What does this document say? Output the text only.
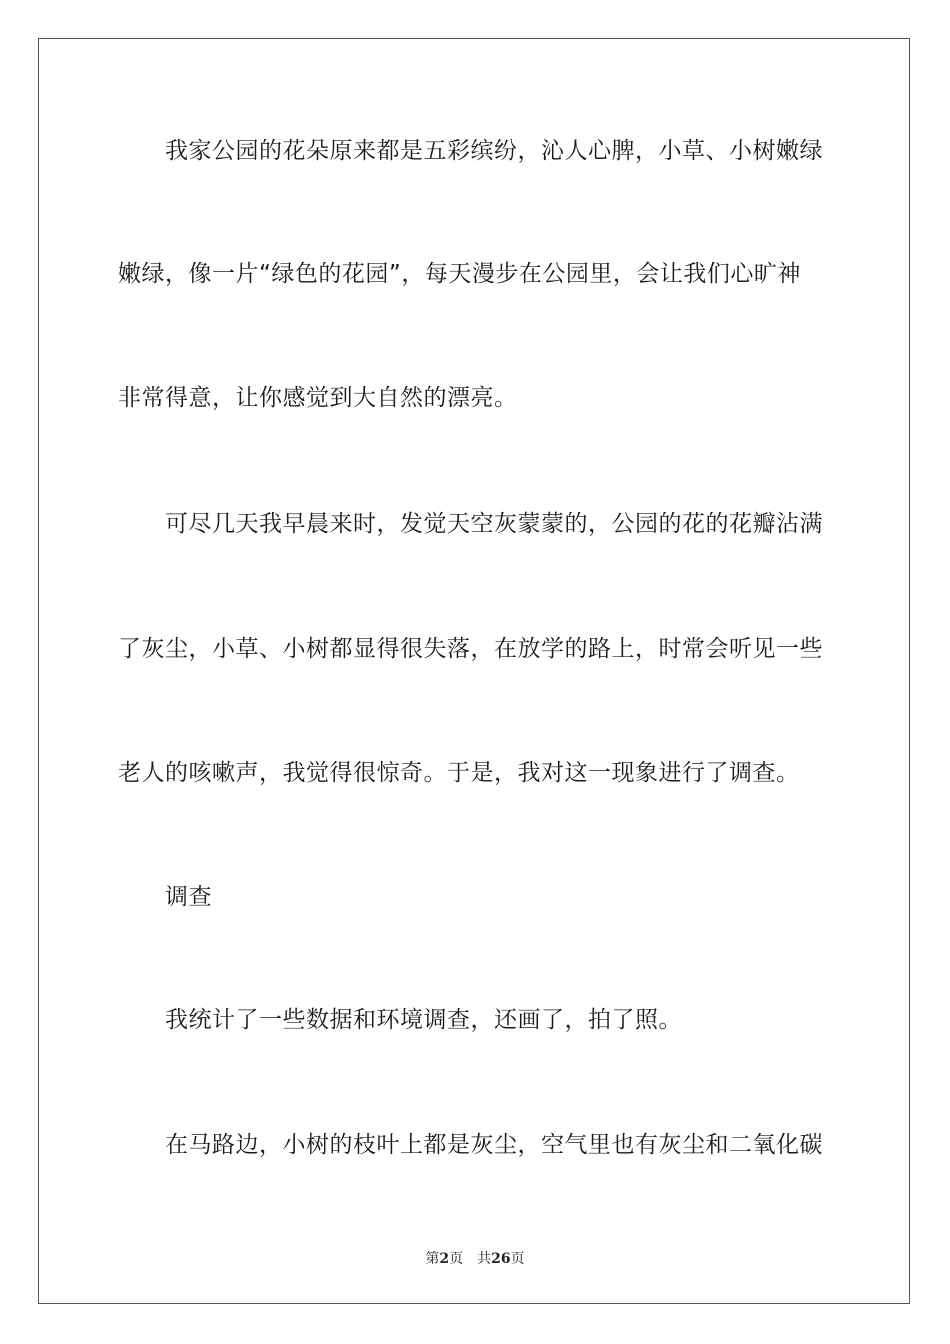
我家公园的花朵原来都是五彩缤纷，沁人心脾，小草、小树嫩绿
嫩绿，像一片“绿色的花园”，每天漫步在公园里，会让我们心旷神
非常得意，让你感觉到大自然的漂亮。
可尽几天我早晨来时，发觉天空灰蒙蒙的，公园的花的花瓣沾满
了灰尘，小草、小树都显得很失落，在放学的路上，时常会听见一些
老人的咳嗽声，我觉得很惊奇。于是，我对这一现象进行了调查。
调查
我统计了一些数据和环境调查，还画了，拍了照。
在马路边，小树的枝叶上都是灰尘，空气里也有灰尘和二氧化碳
第2页 共26页
